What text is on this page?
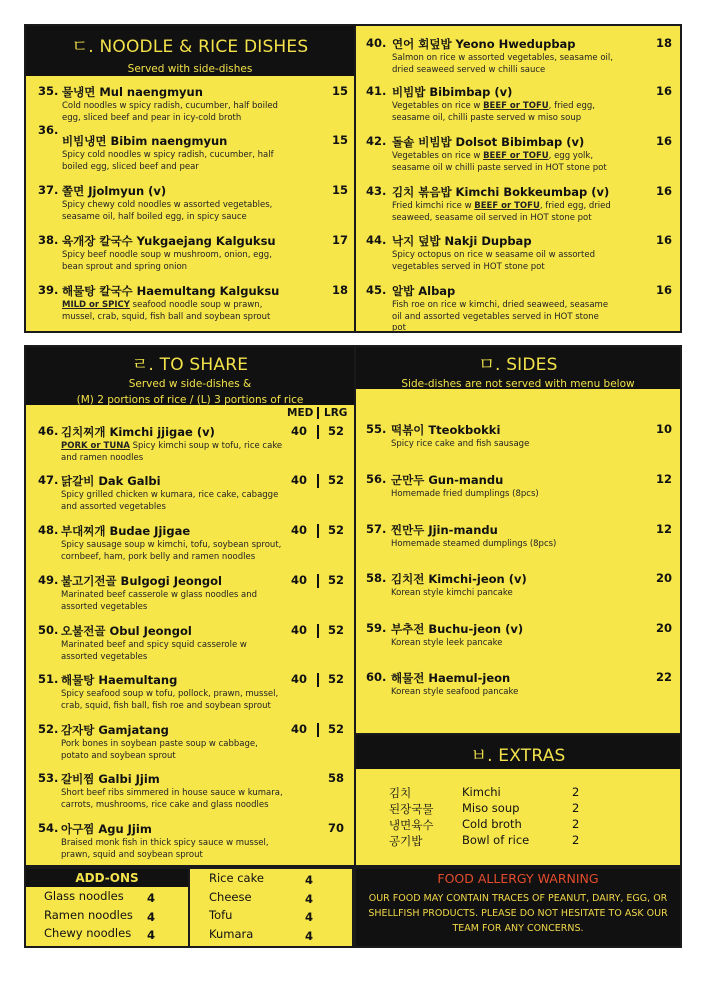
ㄷ. NOODLE & RICE DISHES
Served with side-dishes
35. 물냉면 Mul naengmyun	15
Cold noodles w spicy radish, cucumber, half boiled egg, sliced beef and pear in icy-cold broth
36.
비빔냉면 Bibim naengmyun	15
Spicy cold noodles w spicy radish, cucumber, half boiled egg, sliced beef and pear
37. 쫄면 Jjolmyun (v)	15
Spicy chewy cold noodles w assorted vegetables, seasame oil, half boiled egg, in spicy sauce
38. 육개장 칼국수 Yukgaejang Kalguksu	17
Spicy beef noodle soup w mushroom, onion, egg, bean sprout and spring onion
39. 해물탕 칼국수 Haemultang Kalguksu	18
MILD or SPICY seafood noodle soup w prawn, mussel, crab, squid, fish ball and soybean sprout
40. 연어 회덮밥 Yeono Hwedupbap	18
Salmon on rice w assorted vegetables, seasame oil, dried seaweed served w chilli sauce
41. 비빔밥 Bibimbap (v)	16
Vegetables on rice w BEEF or TOFU, fried egg, seasame oil, chilli paste served w miso soup
42. 돌솥 비빔밥 Dolsot Bibimbap (v)	16
Vegetables on rice w BEEF or TOFU, egg yolk, seasame oil w chilli paste served in HOT stone pot
43. 김치 볶음밥 Kimchi Bokkeumbap (v)	16
Fried kimchi rice w BEEF or TOFU, fried egg, dried seaweed, seasame oil served in HOT stone pot
44. 낙지 덮밥 Nakji Dupbap	16
Spicy octopus on rice w seasame oil w assorted vegetables served in HOT stone pot
45. 알밥 Albap	16
Fish roe on rice w kimchi, dried seaweed, seasame oil and assorted vegetables served in HOT stone pot
ㄹ. TO SHARE
Served w side-dishes &
(M) 2 portions of rice / (L) 3 portions of rice
MED LRG
46. 김치찌개 Kimchi jjigae (v)	40 52
PORK or TUNA Spicy kimchi soup w tofu, rice cake and ramen noodles
47. 닭갈비 Dak Galbi	40 52
Spicy grilled chicken w kumara, rice cake, cabagge and assorted vegetables
48. 부대찌개 Budae Jjigae	40 52
Spicy sausage soup w kimchi, tofu, soybean sprout, cornbeef, ham, pork belly and ramen noodles
49. 불고기전골 Bulgogi Jeongol	40 52
Marinated beef casserole w glass noodles and assorted vegetables
50. 오불전골 Obul Jeongol	40 52
Marinated beef and spicy squid casserole w assorted vegetables
51. 해물탕 Haemultang	40 52
Spicy seafood soup w tofu, pollock, prawn, mussel, crab, squid, fish ball, fish roe and soybean sprout
52. 감자탕 Gamjatang	40 52
Pork bones in soybean paste soup w cabbage, potato and soybean sprout
53. 갈비찜 Galbi Jjim	58
Short beef ribs simmered in house sauce w kumara, carrots, mushrooms, rice cake and glass noodles
54. 아구찜 Agu Jjim	70
Braised monk fish in thick spicy sauce w mussel, prawn, squid and soybean sprout
ㅁ. SIDES
Side-dishes are not served with menu below
55. 떡볶이 Tteokbokki	10
Spicy rice cake and fish sausage
56. 군만두 Gun-mandu	12
Homemade fried dumplings (8pcs)
57. 찐만두 Jjin-mandu	12
Homemade steamed dumplings (8pcs)
58. 김치전 Kimchi-jeon (v)	20
Korean style kimchi pancake
59. 부추전 Buchu-jeon (v)	20
Korean style leek pancake
60. 해물전 Haemul-jeon	22
Korean style seafood pancake
ㅂ. EXTRAS
김치	Kimchi	2
된장국물 Miso soup	2
냉면육수 Cold broth	2
공기밥	Bowl of rice	2
ADD-ONS
Glass noodles 4
Ramen noodles 4
Chewy noodles 4
Rice cake	4
Cheese	4
Tofu	4
Kumara	4
FOOD ALLERGY WARNING
OUR FOOD MAY CONTAIN TRACES OF PEANUT, DAIRY, EGG, OR SHELLFISH PRODUCTS. PLEASE DO NOT HESITATE TO ASK OUR TEAM FOR ANY CONCERNS.
